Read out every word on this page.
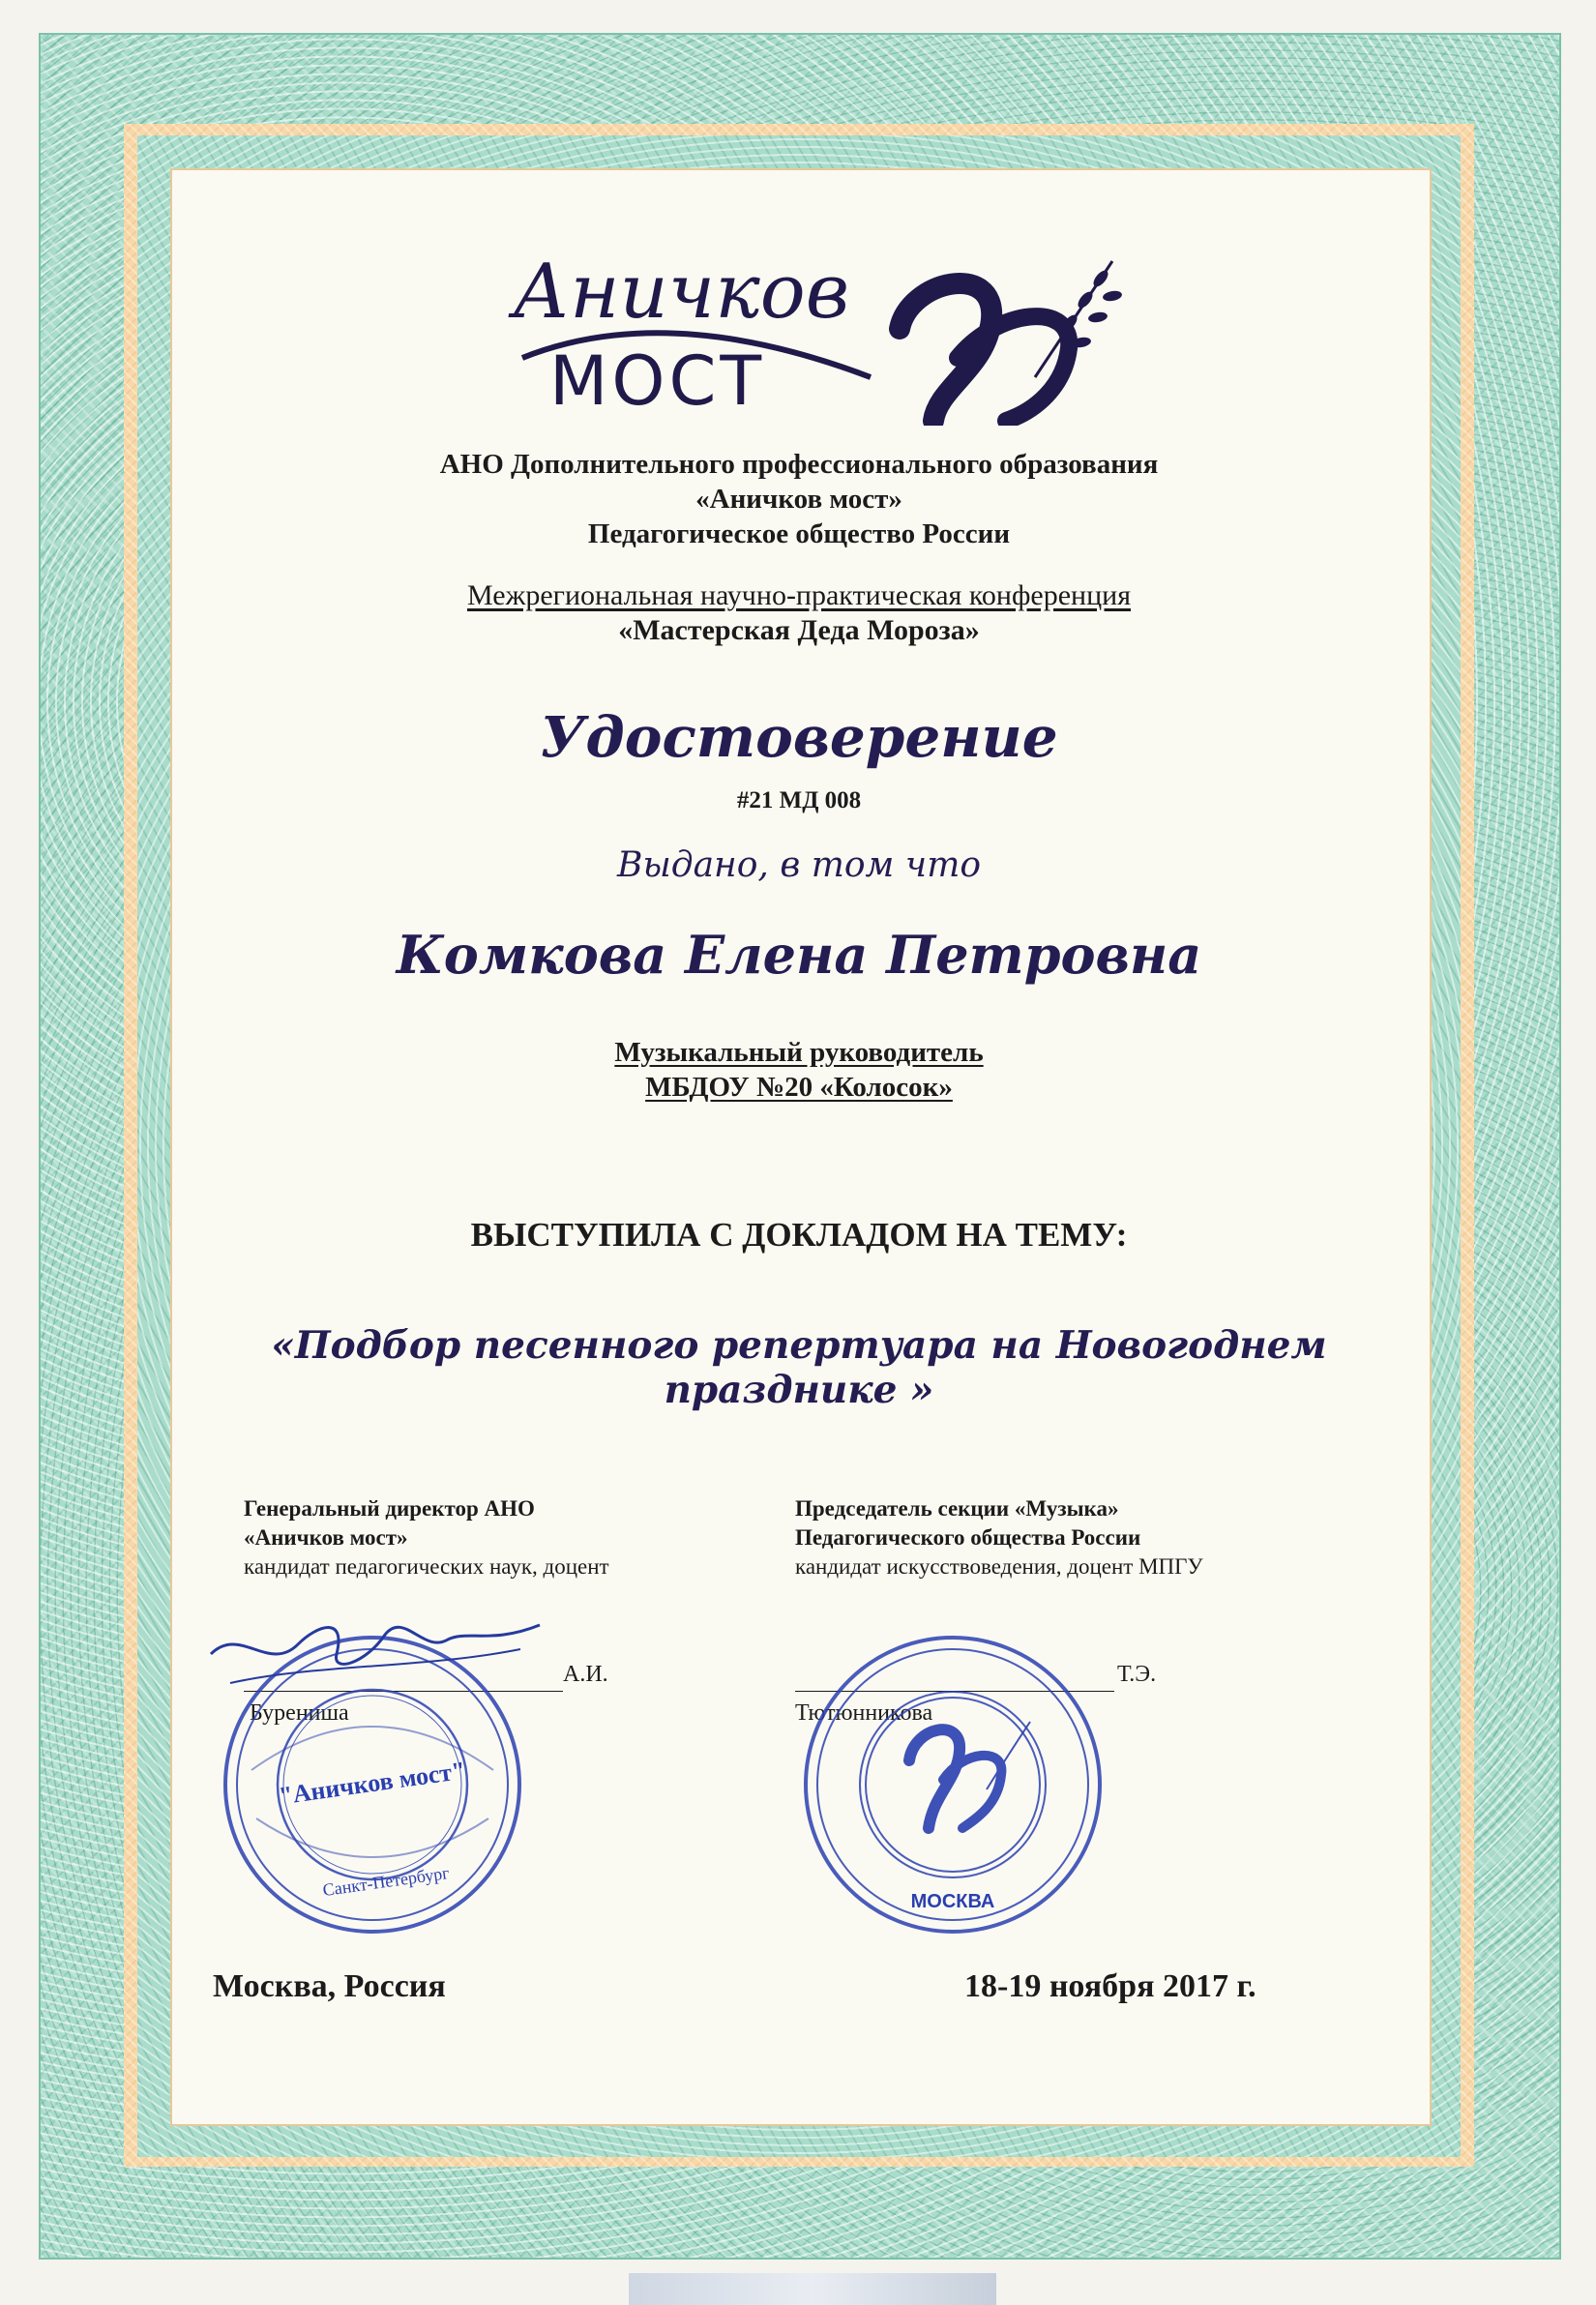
Аничков
МОСТ
АНО Дополнительного профессионального образования
«Аничков мост»
Педагогическое общество России
Межрегиональная научно-практическая конференция
«Мастерская Деда Мороза»
Удостоверение
#21 МД 008
Выдано, в том что
Комкова Елена Петровна
Музыкальный руководитель
МБДОУ №20 «Колосок»
ВЫСТУПИЛА С ДОКЛАДОМ НА ТЕМУ:
«Подбор песенного репертуара на Новогоднем празднике »
Генеральный директор АНО
«Аничков мост»
кандидат педагогических наук, доцент
А.И.
Бурениша
Председатель секции «Музыка»
Педагогического общества России
кандидат искусствоведения, доцент МПГУ
Т.Э.
Тютюнникова
"Аничков мост"
Санкт-Петербург
МОСКВА
Москва, Россия	18-19 ноября 2017 г.
